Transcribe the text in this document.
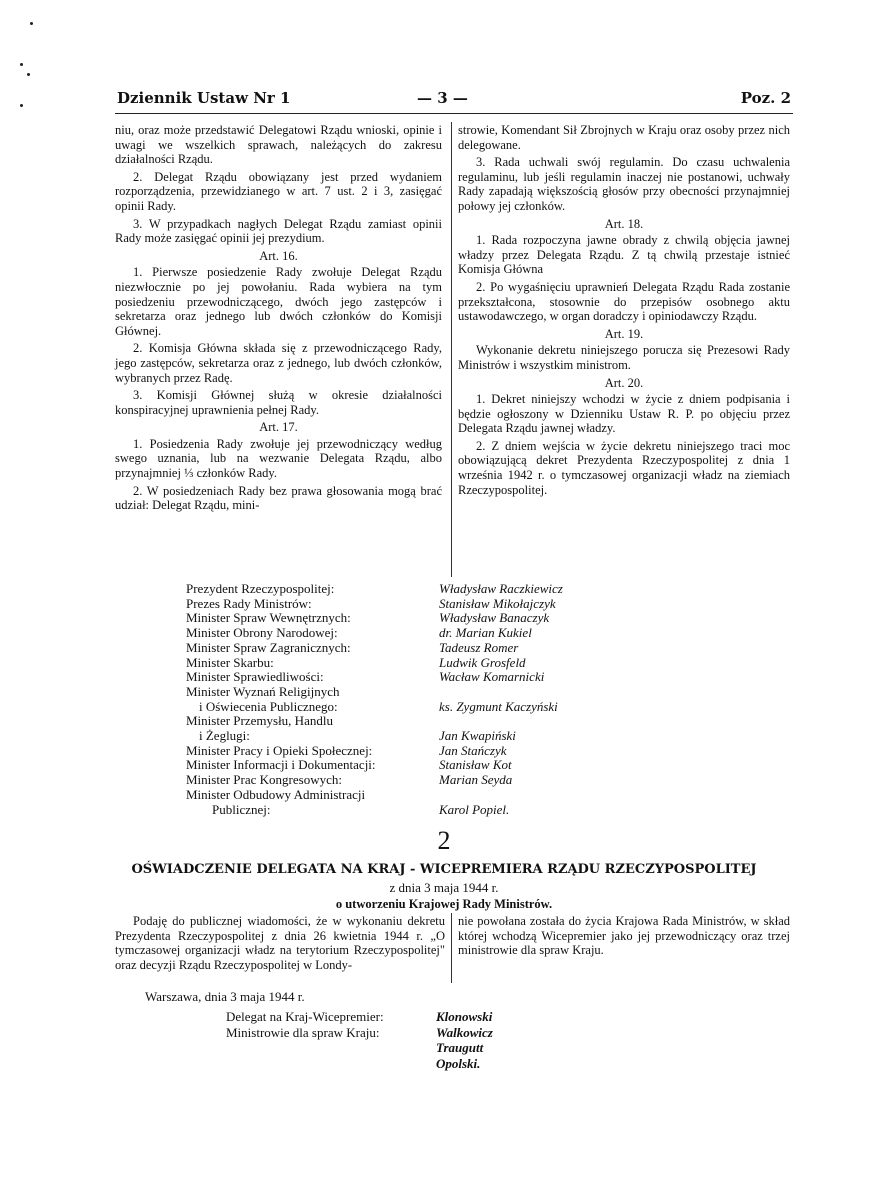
Dziennik Ustaw Nr 1	— 3 —	Poz. 2

niu, oraz może przedstawić Delegatowi Rządu wnioski, opinie i uwagi we wszelkich sprawach, należących do zakresu działalności Rządu.

2. Delegat Rządu obowiązany jest przed wydaniem rozporządzenia, przewidzianego w art. 7 ust. 2 i 3, zasięgać opinii Rady.

3. W przypadkach nagłych Delegat Rządu zamiast opinii Rady może zasięgać opinii jej prezydium.

Art. 16.

1. Pierwsze posiedzenie Rady zwołuje Delegat Rządu niezwłocznie po jej powołaniu. Rada wybiera na tym posiedzeniu przewodniczącego, dwóch jego zastępców i sekretarza oraz jednego lub dwóch członków do Komisji Głównej.

2. Komisja Główna składa się z przewodniczącego Rady, jego zastępców, sekretarza oraz z jednego, lub dwóch członków, wybranych przez Radę.

3. Komisji Głównej służą w okresie działalności konspiracyjnej uprawnienia pełnej Rady.

Art. 17.

1. Posiedzenia Rady zwołuje jej przewodniczący według swego uznania, lub na wezwanie Delegata Rządu, albo przynajmniej ⅓ członków Rady.

2. W posiedzeniach Rady bez prawa głosowania mogą brać udział: Delegat Rządu, mini-

strowie, Komendant Sił Zbrojnych w Kraju oraz osoby przez nich delegowane.

3. Rada uchwali swój regulamin. Do czasu uchwalenia regulaminu, lub jeśli regulamin inaczej nie postanowi, uchwały Rady zapadają większością głosów przy obecności przynajmniej połowy jej członków.

Art. 18.

1. Rada rozpoczyna jawne obrady z chwilą objęcia jawnej władzy przez Delegata Rządu. Z tą chwilą przestaje istnieć Komisja Główna

2. Po wygaśnięciu uprawnień Delegata Rządu Rada zostanie przekształcona, stosownie do przepisów osobnego aktu ustawodawczego, w organ doradczy i opiniodawczy Rządu.

Art. 19.

Wykonanie dekretu niniejszego porucza się Prezesowi Rady Ministrów i wszystkim ministrom.

Art. 20.

1. Dekret niniejszy wchodzi w życie z dniem podpisania i będzie ogłoszony w Dzienniku Ustaw R. P. po objęciu przez Delegata Rządu jawnej władzy.

2. Z dniem wejścia w życie dekretu niniejszego traci moc obowiązującą dekret Prezydenta Rzeczypospolitej z dnia 1 września 1942 r. o tymczasowej organizacji władz na ziemiach Rzeczypospolitej.

Prezydent Rzeczypospolitej:	Władysław Raczkiewicz
Prezes Rady Ministrów:	Stanisław Mikołajczyk
Minister Spraw Wewnętrznych:	Władysław Banaczyk
Minister Obrony Narodowej:	dr. Marian Kukiel
Minister Spraw Zagranicznych:	Tadeusz Romer
Minister Skarbu:	Ludwik Grosfeld
Minister Sprawiedliwości:	Wacław Komarnicki
Minister Wyznań Religijnych
i Oświecenia Publicznego:	ks. Zygmunt Kaczyński
Minister Przemysłu, Handlu
i Żeglugi:	Jan Kwapiński
Minister Pracy i Opieki Społecznej:	Jan Stańczyk
Minister Informacji i Dokumentacji:	Stanisław Kot
Minister Prac Kongresowych:	Marian Seyda
Minister Odbudowy Administracji
Publicznej:	Karol Popiel.
2
OŚWIADCZENIE DELEGATA NA KRAJ - WICEPREMIERA RZĄDU RZECZYPOSPOLITEJ
z dnia 3 maja 1944 r.
o utworzeniu Krajowej Rady Ministrów.

Podaję do publicznej wiadomości, że w wykonaniu dekretu Prezydenta Rzeczypospolitej z dnia 26 kwietnia 1944 r. „O tymczasowej organizacji władz na terytorium Rzeczypospolitej" oraz decyzji Rządu Rzeczypospolitej w Londy-

nie powołana została do życia Krajowa Rada Ministrów, w skład której wchodzą Wicepremier jako jej przewodniczący oraz trzej ministrowie dla spraw Kraju.

Warszawa, dnia 3 maja 1944 r.
Delegat na Kraj-Wicepremier:	Klonowski
Ministrowie dla spraw Kraju:	Walkowicz
Traugutt
Opolski.
